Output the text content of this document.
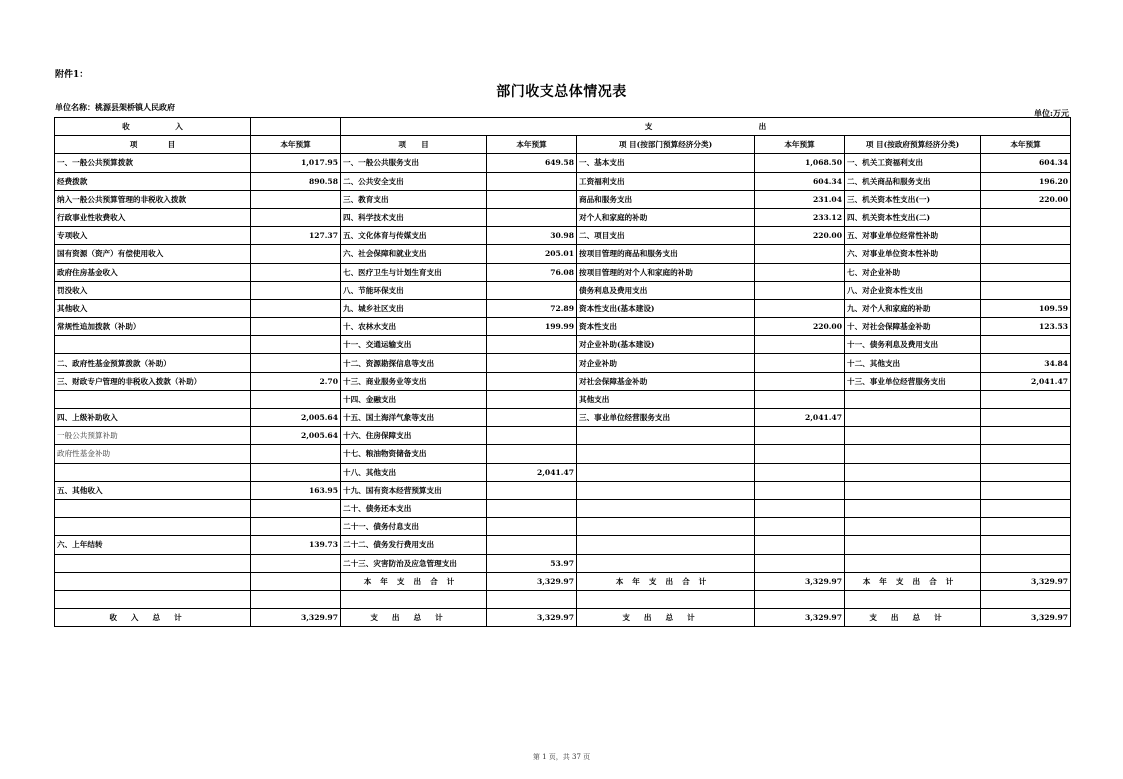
附件1：
部门收支总体情况表
单位名称：桃源县架桥镇人民政府
单位:万元
收　　　　　　入		支　　　　　　　　　　　　　　出					
项　　　　目	本年预算	项　　目	本年预算	项 目(按部门预算经济分类)	本年预算	项 目(按政府预算经济分类)	本年预算
一、一般公共预算拨款	1,017.95	一、一般公共服务支出	649.58	一、基本支出	1,068.50	一、机关工资福利支出	604.34
经费拨款	890.58	二、公共安全支出		工资福利支出	604.34	二、机关商品和服务支出	196.20
纳入一般公共预算管理的非税收入拨款		三、教育支出		商品和服务支出	231.04	三、机关资本性支出(一)	220.00
行政事业性收费收入		四、科学技术支出		对个人和家庭的补助	233.12	四、机关资本性支出(二)	
专项收入	127.37	五、文化体育与传媒支出	30.98	二、项目支出	220.00	五、对事业单位经常性补助	
国有资源（资产）有偿使用收入		六、社会保障和就业支出	205.01	按项目管理的商品和服务支出		六、对事业单位资本性补助	
政府住房基金收入		七、医疗卫生与计划生育支出	76.08	按项目管理的对个人和家庭的补助		七、对企业补助	
罚没收入		八、节能环保支出		债务利息及费用支出		八、对企业资本性支出	
其他收入		九、城乡社区支出	72.89	资本性支出(基本建设)		九、对个人和家庭的补助	109.59
常规性追加拨款（补助）		十、农林水支出	199.99	资本性支出	220.00	十、对社会保障基金补助	123.53
		十一、交通运输支出		对企业补助(基本建设)		十一、债务利息及费用支出	
二、政府性基金预算拨款（补助）		十二、资源勘探信息等支出		对企业补助		十二、其他支出	34.84
三、财政专户管理的非税收入拨款（补助）	2.70	十三、商业服务业等支出		对社会保障基金补助		十三、事业单位经营服务支出	2,041.47
		十四、金融支出		其他支出			
四、上级补助收入	2,005.64	十五、国土海洋气象等支出		三、事业单位经营服务支出	2,041.47		
一般公共预算补助	2,005.64	十六、住房保障支出					
政府性基金补助		十七、粮油物资储备支出					
		十八、其他支出	2,041.47				
五、其他收入	163.95	十九、国有资本经营预算支出					
		二十、债务还本支出					
		二十一、债务付息支出					
六、上年结转	139.73	二十二、债务发行费用支出					
		二十三、灾害防治及应急管理支出	53.97				
		本年支出合计	3,329.97	本年支出合计	3,329.97	本年支出合计	3,329.97

收入总计	3,329.97	支出总计	3,329.97	支出总计	3,329.97	支出总计	3,329.97
第 1 页，共 37 页
